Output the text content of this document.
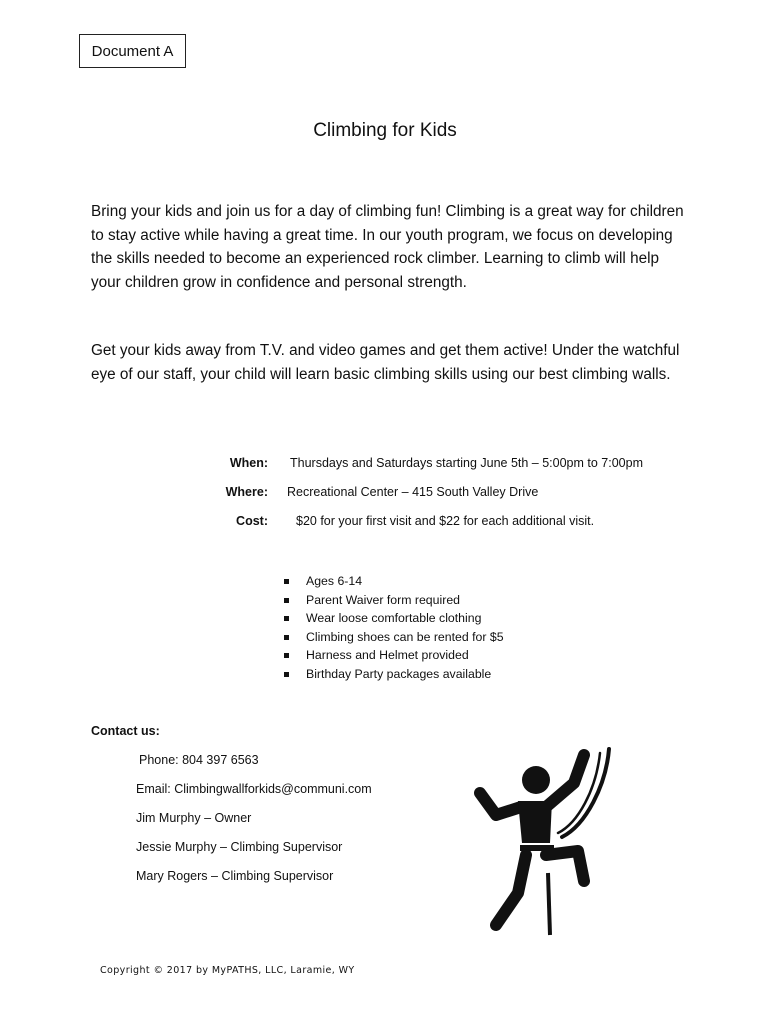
Document A
Climbing for Kids

Bring your kids and join us for a day of climbing fun! Climbing is a great way for children to stay active while having a great time. In our youth program, we focus on developing the skills needed to become an experienced rock climber. Learning to climb will help your children grow in confidence and personal strength.

Get your kids away from T.V. and video games and get them active! Under the watchful eye of our staff, your child will learn basic climbing skills using our best climbing walls.

When: Thursdays and Saturdays starting June 5th – 5:00pm to 7:00pm
Where: Recreational Center – 415 South Valley Drive
Cost: $20 for your first visit and $22 for each additional visit.
Ages 6-14
Parent Waiver form required
Wear loose comfortable clothing
Climbing shoes can be rented for $5
Harness and Helmet provided
Birthday Party packages available
Contact us:
Phone: 804 397 6563
Email: Climbingwallforkids@communi.com
Jim Murphy – Owner
Jessie Murphy – Climbing Supervisor
Mary Rogers – Climbing Supervisor
Copyright © 2017 by MyPATHS, LLC, Laramie, WY
